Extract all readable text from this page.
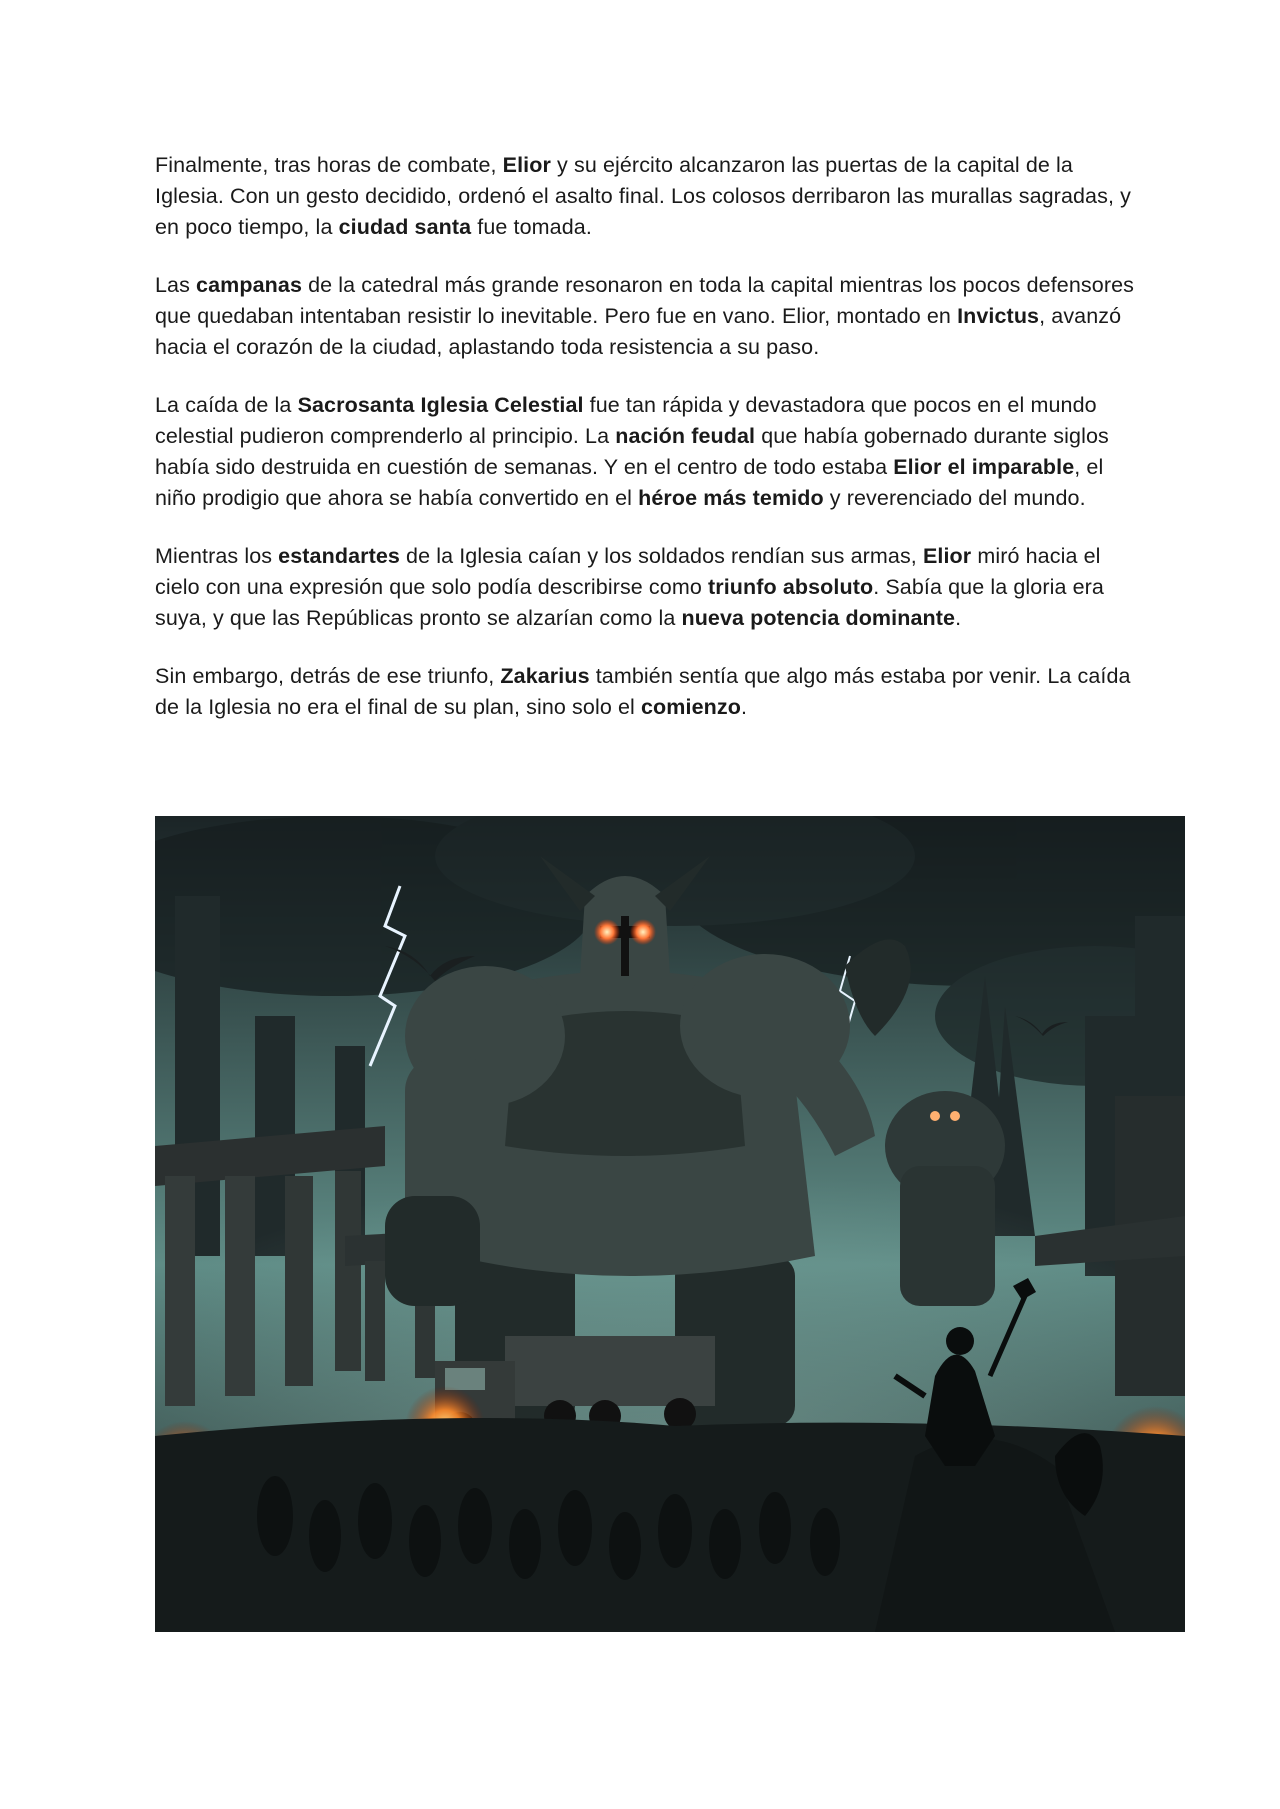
Finalmente, tras horas de combate, Elior y su ejército alcanzaron las puertas de la capital de la Iglesia. Con un gesto decidido, ordenó el asalto final. Los colosos derribaron las murallas sagradas, y en poco tiempo, la ciudad santa fue tomada.

Las campanas de la catedral más grande resonaron en toda la capital mientras los pocos defensores que quedaban intentaban resistir lo inevitable. Pero fue en vano. Elior, montado en Invictus, avanzó hacia el corazón de la ciudad, aplastando toda resistencia a su paso.

La caída de la Sacrosanta Iglesia Celestial fue tan rápida y devastadora que pocos en el mundo celestial pudieron comprenderlo al principio. La nación feudal que había gobernado durante siglos había sido destruida en cuestión de semanas. Y en el centro de todo estaba Elior el imparable, el niño prodigio que ahora se había convertido en el héroe más temido y reverenciado del mundo.

Mientras los estandartes de la Iglesia caían y los soldados rendían sus armas, Elior miró hacia el cielo con una expresión que solo podía describirse como triunfo absoluto. Sabía que la gloria era suya, y que las Repúblicas pronto se alzarían como la nueva potencia dominante.

Sin embargo, detrás de ese triunfo, Zakarius también sentía que algo más estaba por venir. La caída de la Iglesia no era el final de su plan, sino solo el comienzo.
